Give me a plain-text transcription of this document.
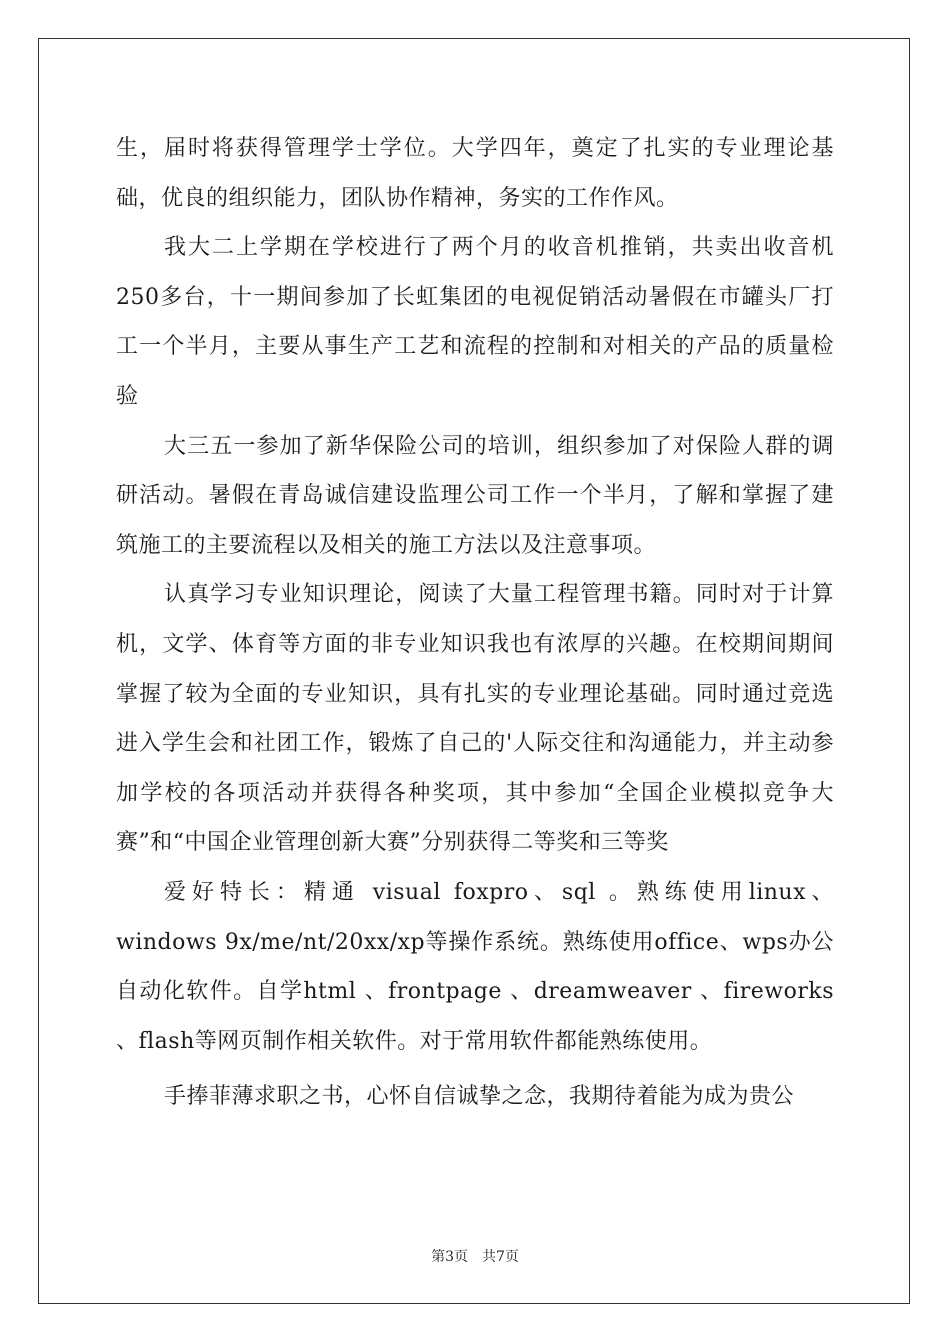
生，届时将获得管理学士学位。大学四年，奠定了扎实的专业理论基础，优良的组织能力，团队协作精神，务实的工作作风。

我大二上学期在学校进行了两个月的收音机推销，共卖出收音机250多台，十一期间参加了长虹集团的电视促销活动暑假在市罐头厂打工一个半月，主要从事生产工艺和流程的控制和对相关的产品的质量检验

大三五一参加了新华保险公司的培训，组织参加了对保险人群的调研活动。暑假在青岛诚信建设监理公司工作一个半月，了解和掌握了建筑施工的主要流程以及相关的施工方法以及注意事项。

认真学习专业知识理论，阅读了大量工程管理书籍。同时对于计算机，文学、体育等方面的非专业知识我也有浓厚的兴趣。在校期间期间掌握了较为全面的专业知识，具有扎实的专业理论基础。同时通过竞选进入学生会和社团工作，锻炼了自己的'人际交往和沟通能力，并主动参加学校的各项活动并获得各种奖项，其中参加“全国企业模拟竞争大赛”和“中国企业管理创新大赛”分别获得二等奖和三等奖

爱好特长：精通 visual foxpro、sql 。熟练使用linux、windows 9x/me/nt/20xx/xp等操作系统。熟练使用office、wps办公自动化软件。自学html 、frontpage 、dreamweaver 、fireworks 、flash等网页制作相关软件。对于常用软件都能熟练使用。

手捧菲薄求职之书，心怀自信诚挚之念，我期待着能为成为贵公

第3页 共7页
